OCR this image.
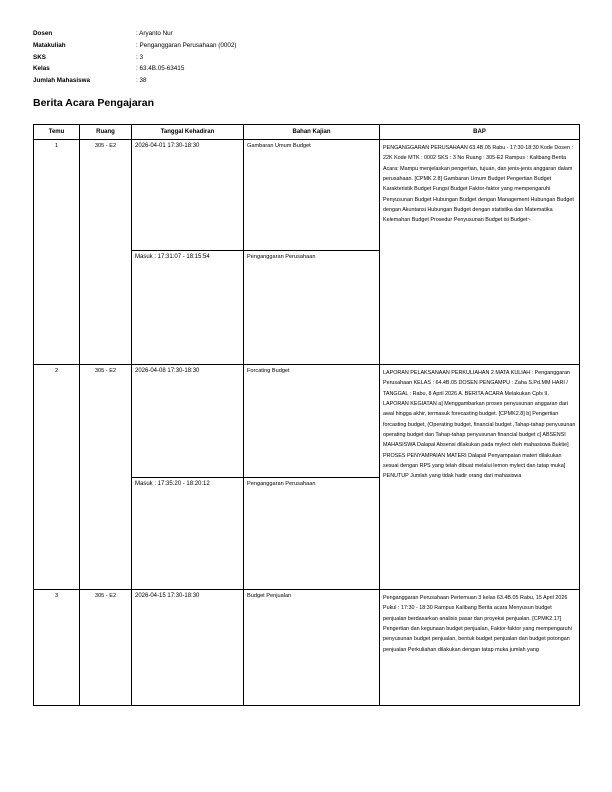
Dosen	: Aryanto Nur
Matakuliah	: Penganggaran Perusahaan (0002)
SKS	: 3
Kelas	: 63.4B.05-63415
Jumlah Mahasiswa	: 38
Berita Acara Pengajaran
Temu	Ruang	Tanggal Kehadiran	Bahan Kajian	BAP
1	305 - E2	2026-04-01 17:30-18:30	Gambaran Umum Budget	PENGANGGARAN PERUSAHAAN 63.4B.05 Rabu - 17:30-18:30 Kode Dosen : 22K Kode MTK : 0002 SKS : 3 No Ruang : 305-E2 Rampus : Kalibang Berita Acara: Mampu menjelaskan pengertian, tujuan, dan jenis-jenis anggaran dalam perusahaan. [CPMK 2.8] Gambaran Umum Budget Pengertian Budget Karakteristik Budget Fungsi Budget Faktor-faktor yang mempengaruhi Penyusunan Budget Hubungan Budget dengan Management Hubungan Budget dengan Akuntansi Hubungan Budget dengan statistika dan Matematika Kelemahan Budget Prosedur Penyusunan Budget isi Budget~

		Masuk : 17:31:07 - 18:15:54	Penganggaran Perusahaan	
2	305 - E2	2026-04-08 17:30-18:30	Forcating Budget	LAPORAN PELAKSANAAN PERKULIAHAN 2 MATA KULIAH : Penganggaran Perusahaan KELAS : 64.4B.05 DOSEN PENGAMPU : Zaha S.Pd.MM HARI / TANGGAL : Rabu, 8 April 2026 A. BERITA ACARA Melakukan Cpls II. LAPORAN KEGIATAN a] Menggambarkan proses penyusunan anggaran dari awal hingga akhir, termasuk forecasting budget. [CPMK2.8] b] Pengertian forcasting budget, (Operating budget, financial budget ,Tahap-tahap penyusunan operating budget dan Tahap-tahap penyusunan financial budget c] ABSENSI MAHASISWA Dalapal Absensi dilakukan pada mylect oleh mahasiswa Buktie] PROSES PENYAMPAIAN MATERI Dalapal Penyampaian materi dilakukan sesuai dengan RPS yang telah dibuat melalui lemon mylect dan tatap muka] PENUTUP Jumlah yang tidak hadir orang dari mahasiswa

		Masuk : 17:35:20 - 18:20:12	Penganggaran Perusahaan	
3	305 - E2	2026-04-15 17:30-18:30	Budget Penjualan	Penganggaran Perusahaan Pertemuan 3 kelas 63.4B.05 Rabu, 15 April 2026 Pukul : 17:30 - 18:30 Rampus Kalibang Berita acara Menyusun budget penjualan berdasarkan analisis pasar dan proyeksi penjualan. [CPMK2.17] Pengertian dan kegunaan budget penjualan, Faktor-faktor yang mempengaruhi penyusunan budget penjualan, bentuk budget penjualan dan budget potongan penjualan Perkuliahan dilakukan dengan tatap muka jumlah yang
